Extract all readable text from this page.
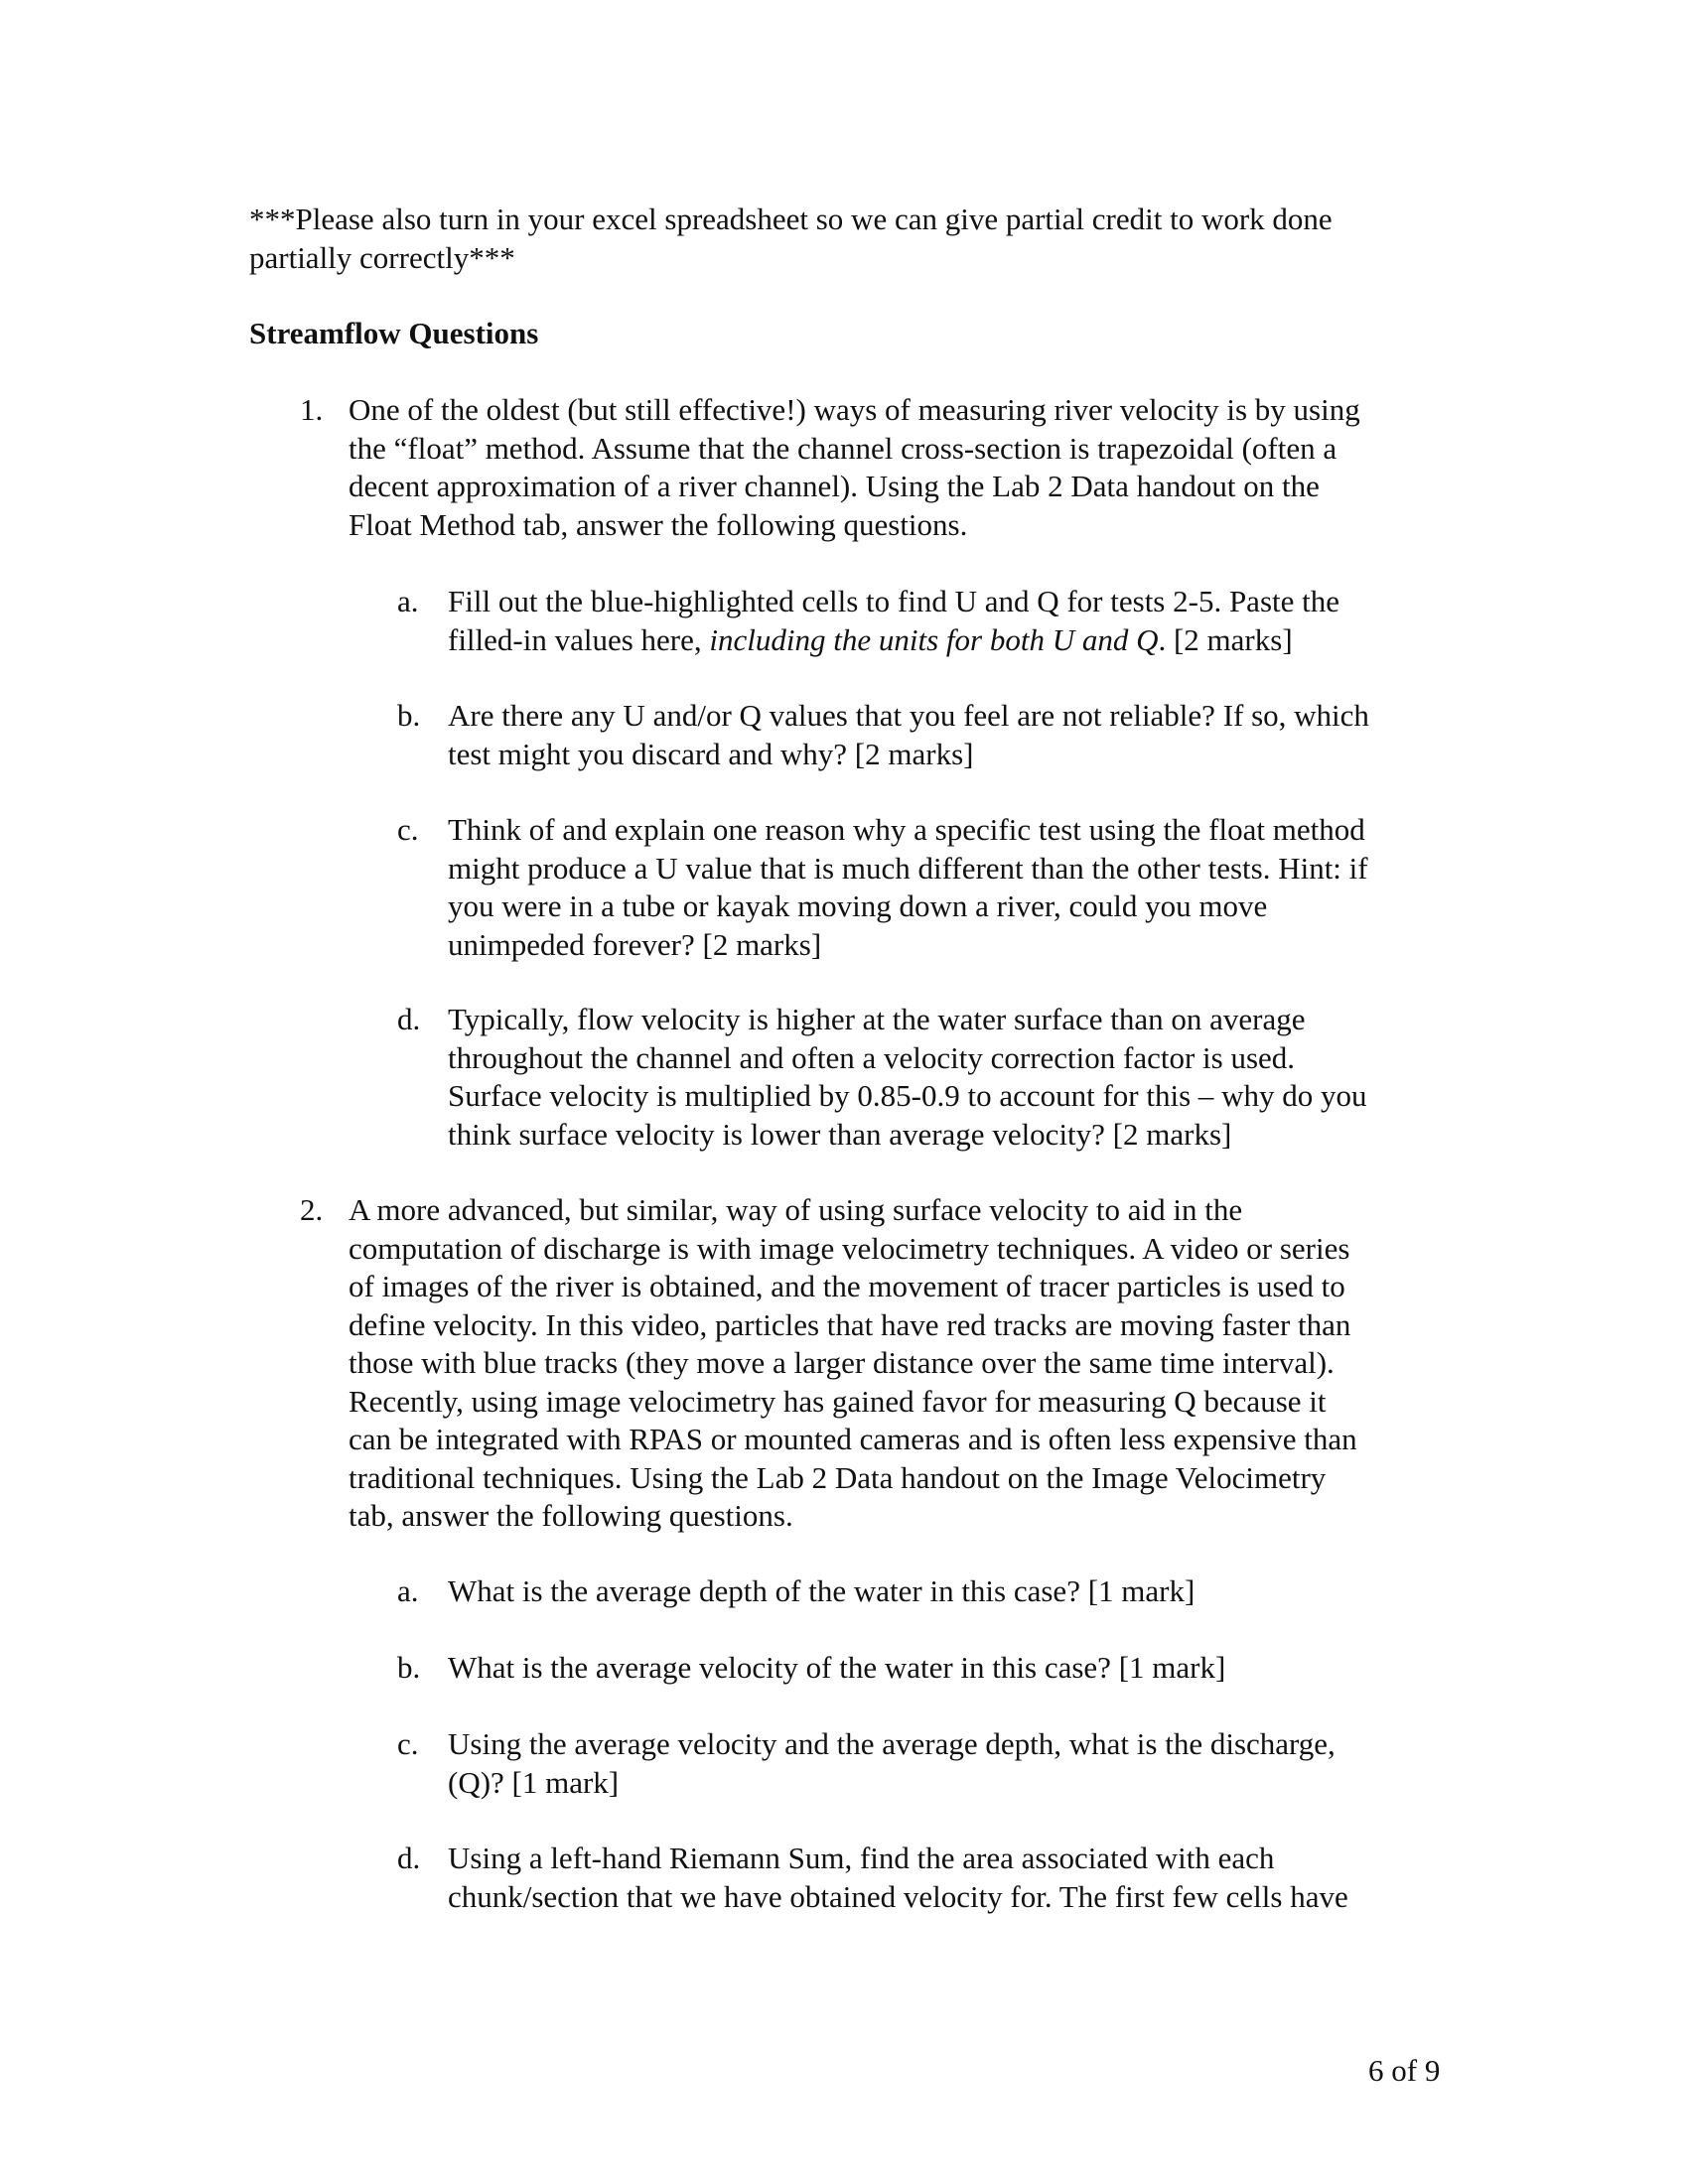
***Please also turn in your excel spreadsheet so we can give partial credit to work done
partially correctly***
Streamflow Questions
1. One of the oldest (but still effective!) ways of measuring river velocity is by using
the “float” method. Assume that the channel cross-section is trapezoidal (often a
decent approximation of a river channel). Using the Lab 2 Data handout on the
Float Method tab, answer the following questions.
a. Fill out the blue-highlighted cells to find U and Q for tests 2-5. Paste the
filled-in values here, including the units for both U and Q. [2 marks]
b. Are there any U and/or Q values that you feel are not reliable? If so, which
test might you discard and why? [2 marks]
c. Think of and explain one reason why a specific test using the float method
might produce a U value that is much different than the other tests. Hint: if
you were in a tube or kayak moving down a river, could you move
unimpeded forever? [2 marks]
d. Typically, flow velocity is higher at the water surface than on average
throughout the channel and often a velocity correction factor is used.
Surface velocity is multiplied by 0.85-0.9 to account for this – why do you
think surface velocity is lower than average velocity? [2 marks]
2. A more advanced, but similar, way of using surface velocity to aid in the
computation of discharge is with image velocimetry techniques. A video or series
of images of the river is obtained, and the movement of tracer particles is used to
define velocity. In this video, particles that have red tracks are moving faster than
those with blue tracks (they move a larger distance over the same time interval).
Recently, using image velocimetry has gained favor for measuring Q because it
can be integrated with RPAS or mounted cameras and is often less expensive than
traditional techniques. Using the Lab 2 Data handout on the Image Velocimetry
tab, answer the following questions.
a. What is the average depth of the water in this case? [1 mark]
b. What is the average velocity of the water in this case? [1 mark]
c. Using the average velocity and the average depth, what is the discharge,
(Q)? [1 mark]
d. Using a left-hand Riemann Sum, find the area associated with each
chunk/section that we have obtained velocity for. The first few cells have
6 of 9
